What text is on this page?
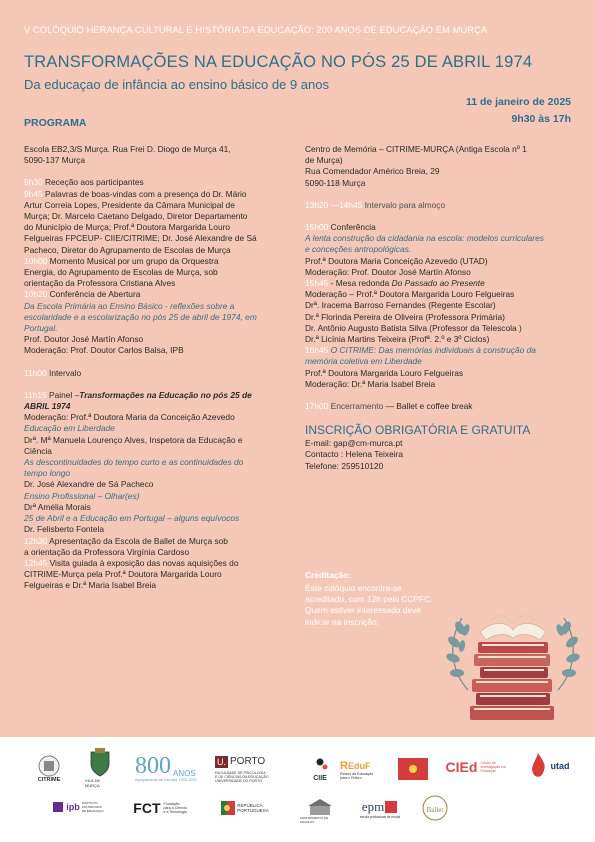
V COLÓQUIO HERANÇA CULTURAL E HISTÓRIA DA EDUCAÇÃO: 200 ANOS DE EDUCAÇÃO EM MURÇA
TRANSFORMAÇÕES NA EDUCAÇÃO NO PÓS 25 DE ABRIL 1974
Da educaçao de infância ao ensino básico de 9 anos
11 de janeiro de 2025
9h30 às 17h
PROGRAMA

Escola EB2,3/S Murça. Rua Frei D. Diogo de Murça 41,

5090-137 Murça

9h30 Receção aos participantes

9h45 Palavras de boas-vindas com a presença do Dr. Mário

Artur Correia Lopes, Presidente da Câmara Municipal de

Murça; Dr. Marcelo Caetano Delgado, Diretor Departamento

do Município de Murça; Prof.ª Doutora Margarida Louro

Felgueiras FPCEUP- CIIE/CITRIME; Dr. José Alexandre de Sá

Pacheco, Diretor do Agrupamento de Escolas de Murça

10h00 Momento Musical por um grupo da Orquestra

Energia, do Agrupamento de Escolas de Murça, sob

orientação da Professora Cristiana Alves

10h20 Conferência de Abertura

Da Escola Primária ao Ensino Básico - reflexões sobre a

escolaridade e a escolarização no pós 25 de abril de 1974, em

Portugal.

Prof. Doutor José Martín Afonso

Moderação: Prof. Doutor Carlos Balsa, IPB

11h00 Intervalo

11h15 Painel –Transformações na Educação no pós 25 de

ABRIL 1974

Moderação: Prof.ª Doutora Maria da Conceição Azevedo

Educação em Liberdade

Drª. Mª Manuela Lourenço Alves, Inspetora da Educação e

Ciência

As descontinuidades do tempo curto e as continuidades do

tempo longo

Dr. José Alexandre de Sá Pacheco

Ensino Profissional – Olhar(es)

Drª Amélia Morais

25 de Abril e a Educação em Portugal – alguns equívocos

Dr. Felisberto Fontela

12h30 Apresentação da Escola de Ballet de Murça sob

a orientação da Professora Virgínia Cardoso

12h45 Visita guiada à exposição das novas aquisições do

CITRIME-Murça pela Prof.ª Doutora Margarida Louro

Felgueiras e Dr.ª Maria Isabel Breia

Centro de Memória – CITRIME-MURÇA (Antiga Escola nº 1

de Murça)

Rua Comendador Américo Breia, 29

5090-118 Murça

13h20 —14h45 Intervalo para almoço

15h00 Conferência

A lenta construção da cidadania na escola: modelos curriculares

e conceções antropológicas.

Prof.ª Doutora Maria Conceição Azevedo (UTAD)

Moderação: Prof. Doutor José Martín Afonso

15h45 - Mesa redonda Do Passado ao Presente

Moderação – Prof.ª Doutora Margarida Louro Felgueiras

Drª. Iracema Barroso Fernandes (Regente Escolar)

Dr.ª Florinda Pereira de Oliveira (Professora Primária)

Dr. Antônio Augusto Batista Silva (Professor da Telescola )

Dr.ª Licínia Martins Teixeira (Profª. 2.º e 3º Ciclos)

16h45 O CITRIME: Das memórias individuais à construção da

memória coletiva em Liberdade

Prof.ª Doutora Margarida Louro Felgueiras

Moderação: Dr.ª Maria Isabel Breia

17h00 Encerramento — Ballet e coffee break

INSCRIÇÃO OBRIGATÓRIA E GRATUITA

E-mail: gap@cm-murca.pt

Contacto : Helena Teixeira

Telefone: 259510120

Creditação:

Este colóquio encontra-se

acreditado, com 12h pelo CCPFC.

Quem estiver interessado deve

indicar na inscrição.

CITRIME	VILA DE MURÇA
800 ANOS
Agrupamento de Escolas 1925-2025
U. PORTO
FACULDADE DE PSICOLOGIA
E DE CIÊNCIAS DA EDUCAÇÃO
UNIVERSIDADE DO PORTO	CIIE
REduF
Raízes da Educação
para o Futuro
CIEd Centro de Investigação em Educação	utad
ipb INSTITUTO POLITÉCNICO DE BRAGANÇA FCT Fundação
para a Ciência
e a Tecnologia
REPÚBLICA
PORTUGUESA
AGRUPAMENTO DE ESCOLAS
epm
escola profissional de murça
Ballet
